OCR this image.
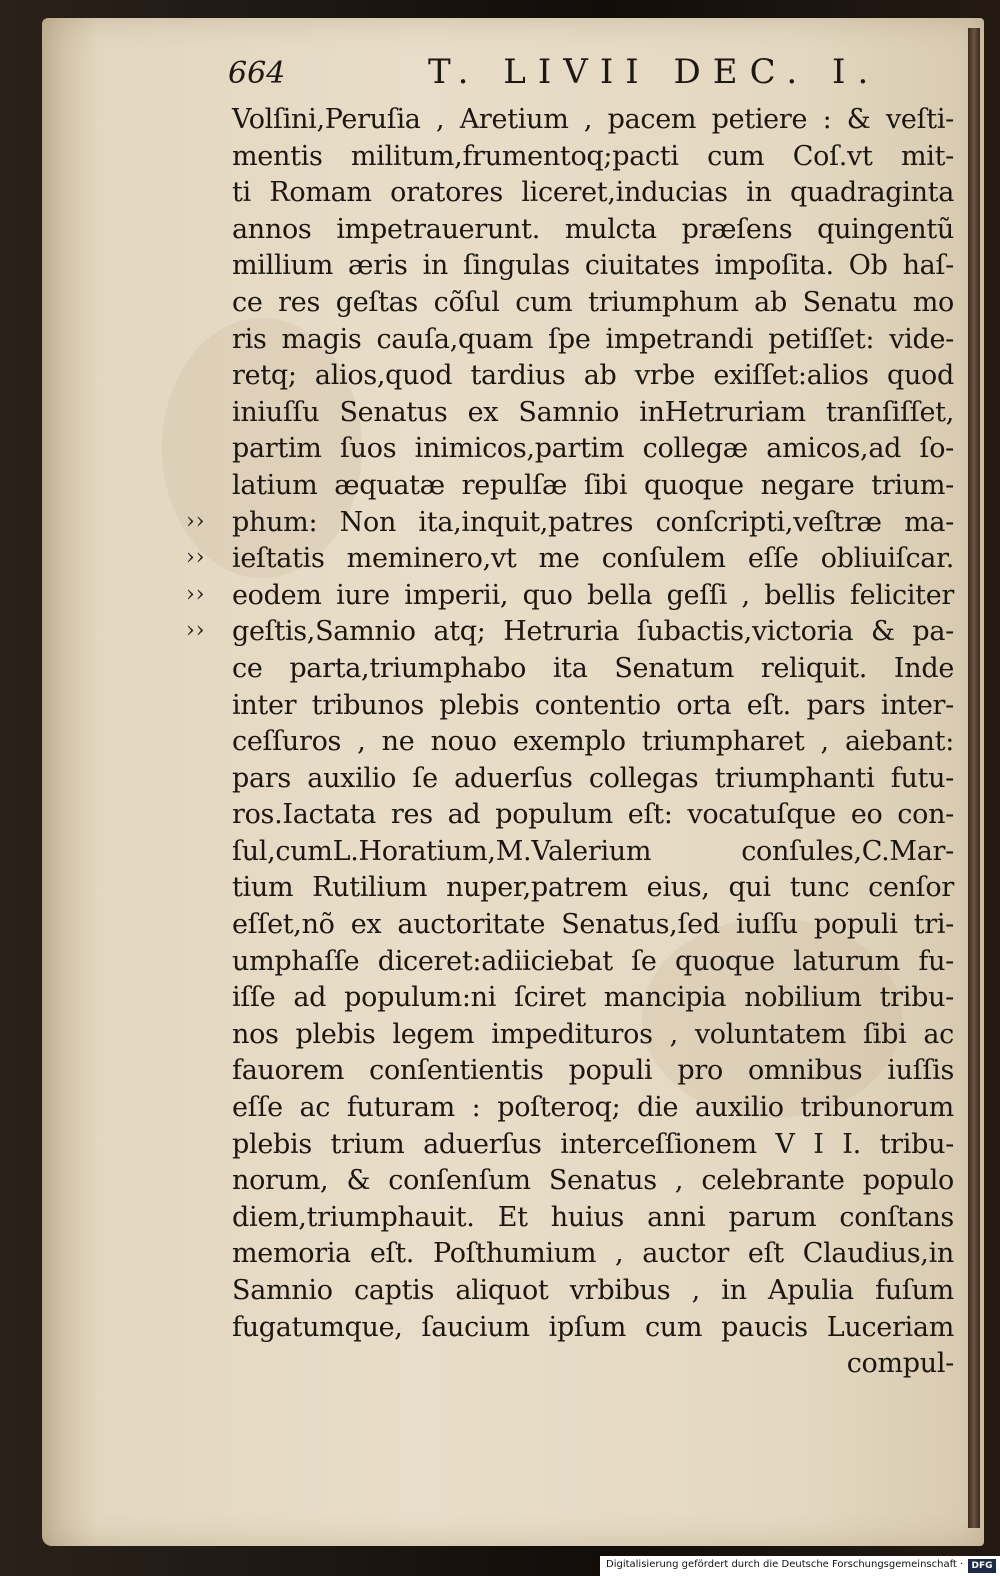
664	T. LIVII DEC. I.
››
››
››
››
Volſini,Peruſia , Aretium , pacem petiere : & veſti-
mentis militum,frumentoq;pacti cum Coſ.vt mit-
ti Romam oratores liceret,inducias in quadraginta
annos impetrauerunt. mulcta præſens quingentũ
millium æris in ſingulas ciuitates impoſita. Ob haſ-
ce res geſtas cõſul cum triumphum ab Senatu mo
ris magis cauſa,quam ſpe impetrandi petiſſet: vide-
retq; alios,quod tardius ab vrbe exiſſet:alios quod
iniuſſu Senatus ex Samnio inHetruriam tranſiſſet,
partim ſuos inimicos,partim collegæ amicos,ad ſo-
latium æquatæ repulſæ ſibi quoque negare trium-
phum: Non ita,inquit,patres conſcripti,veſtræ ma-
ieſtatis meminero,vt me conſulem eſſe obliuiſcar.
eodem iure imperii, quo bella geſſi , bellis feliciter
geſtis,Samnio atq; Hetruria ſubactis,victoria & pa-
ce parta,triumphabo ita Senatum reliquit. Inde
inter tribunos plebis contentio orta eſt. pars inter-
ceſſuros , ne nouo exemplo triumpharet , aiebant:
pars auxilio ſe aduerſus collegas triumphanti futu-
ros.Iactata res ad populum eſt: vocatuſque eo con-
ſul,cumL.Horatium,M.Valerium conſules,C.Mar-
tium Rutilium nuper,patrem eius, qui tunc cenſor
eſſet,nõ ex auctoritate Senatus,ſed iuſſu populi tri-
umphaſſe diceret:adiiciebat ſe quoque laturum fu-
iſſe ad populum:ni ſciret mancipia nobilium tribu-
nos plebis legem impedituros , voluntatem ſibi ac
fauorem conſentientis populi pro omnibus iuſſis
eſſe ac futuram : poſteroq; die auxilio tribunorum
plebis trium aduerſus interceſſionem V I I. tribu-
norum, & conſenſum Senatus , celebrante populo
diem,triumphauit. Et huius anni parum conſtans
memoria eſt. Poſthumium , auctor eſt Claudius,in
Samnio captis aliquot vrbibus , in Apulia fuſum
fugatumque, ſaucium ipſum cum paucis Luceriam
compul-
Digitalisierung gefördert durch die Deutsche Forschungsgemeinschaft · DFG
